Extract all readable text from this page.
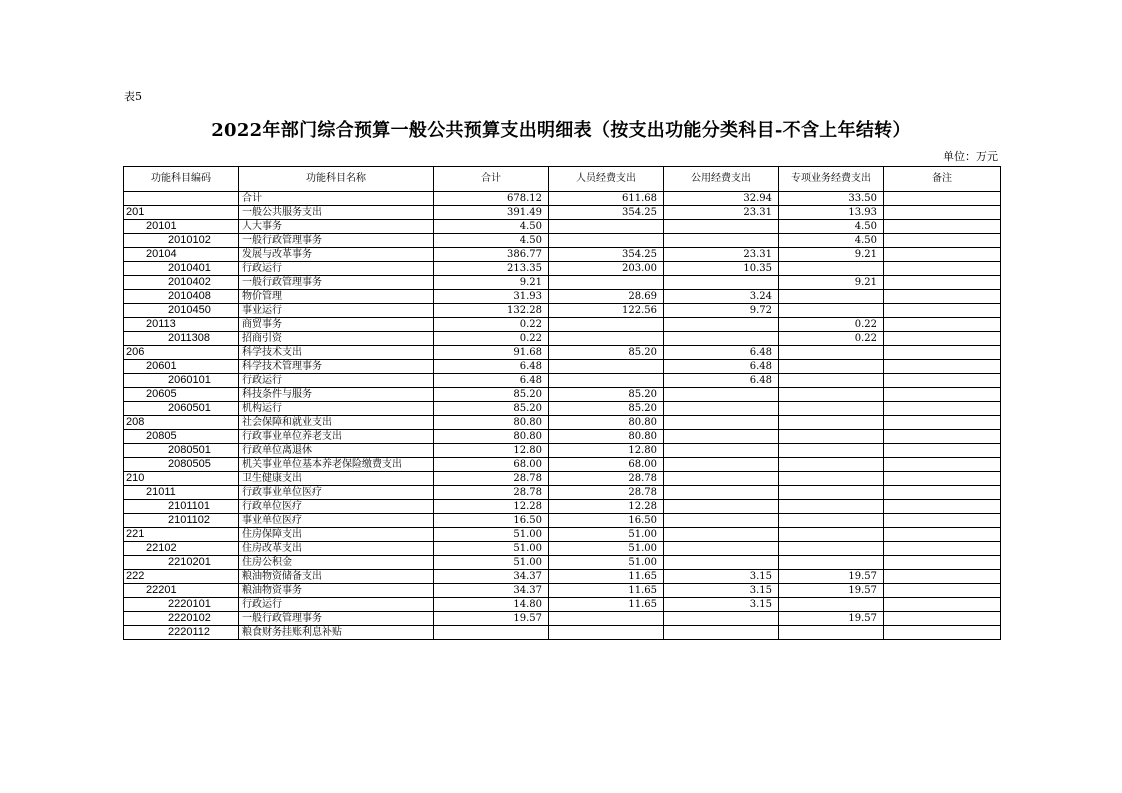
表5
2022年部门综合预算一般公共预算支出明细表（按支出功能分类科目-不含上年结转）
单位：万元
功能科目编码	功能科目名称	合计	人员经费支出	公用经费支出	专项业务经费支出	备注
	合计	678.12	611.68	32.94	33.50	
201	一般公共服务支出	391.49	354.25	23.31	13.93	
20101	人大事务	4.50			4.50	
2010102	一般行政管理事务	4.50			4.50	
20104	发展与改革事务	386.77	354.25	23.31	9.21	
2010401	行政运行	213.35	203.00	10.35		
2010402	一般行政管理事务	9.21			9.21	
2010408	物价管理	31.93	28.69	3.24		
2010450	事业运行	132.28	122.56	9.72		
20113	商贸事务	0.22			0.22	
2011308	招商引资	0.22			0.22	
206	科学技术支出	91.68	85.20	6.48		
20601	科学技术管理事务	6.48		6.48		
2060101	行政运行	6.48		6.48		
20605	科技条件与服务	85.20	85.20			
2060501	机构运行	85.20	85.20			
208	社会保障和就业支出	80.80	80.80			
20805	行政事业单位养老支出	80.80	80.80			
2080501	行政单位离退休	12.80	12.80			
2080505	机关事业单位基本养老保险缴费支出	68.00	68.00			
210	卫生健康支出	28.78	28.78			
21011	行政事业单位医疗	28.78	28.78			
2101101	行政单位医疗	12.28	12.28			
2101102	事业单位医疗	16.50	16.50			
221	住房保障支出	51.00	51.00			
22102	住房改革支出	51.00	51.00			
2210201	住房公积金	51.00	51.00			
222	粮油物资储备支出	34.37	11.65	3.15	19.57	
22201	粮油物资事务	34.37	11.65	3.15	19.57	
2220101	行政运行	14.80	11.65	3.15		
2220102	一般行政管理事务	19.57			19.57	
2220112	粮食财务挂账利息补贴					
